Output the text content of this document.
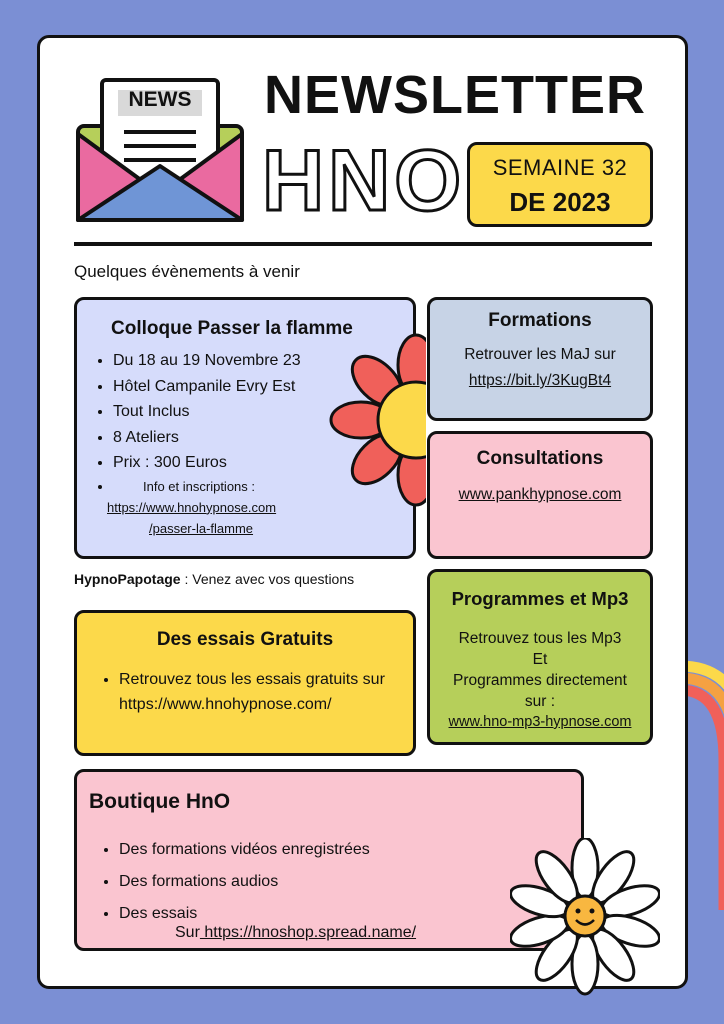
NEWS NEWSLETTER
HNO	SEMAINE 32
DE 2023
Quelques évènements à venir
Colloque Passer la flamme
• Du 18 au 19 Novembre 23
• Hôtel Campanile Evry Est
• Tout Inclus
• 8 Ateliers
• Prix : 300 Euros
• Info et inscriptions :
https://www.hnohypnose.com
/passer-la-flamme
Formations
Retrouver les MaJ sur
https://bit.ly/3KugBt4
Consultations
www.pankhypnose.com
HypnoPapotage : Venez avec vos questions
Des essais Gratuits
• Retrouvez tous les essais gratuits sur
https://www.hnohypnose.com/
Programmes et Mp3
Retrouvez tous les Mp3
Et
Programmes directement
sur :
www.hno-mp3-hypnose.com
Boutique HnO
• Des formations vidéos enregistrées
• Des formations audios
• Des essais
Sur https://hnoshop.spread.name/
